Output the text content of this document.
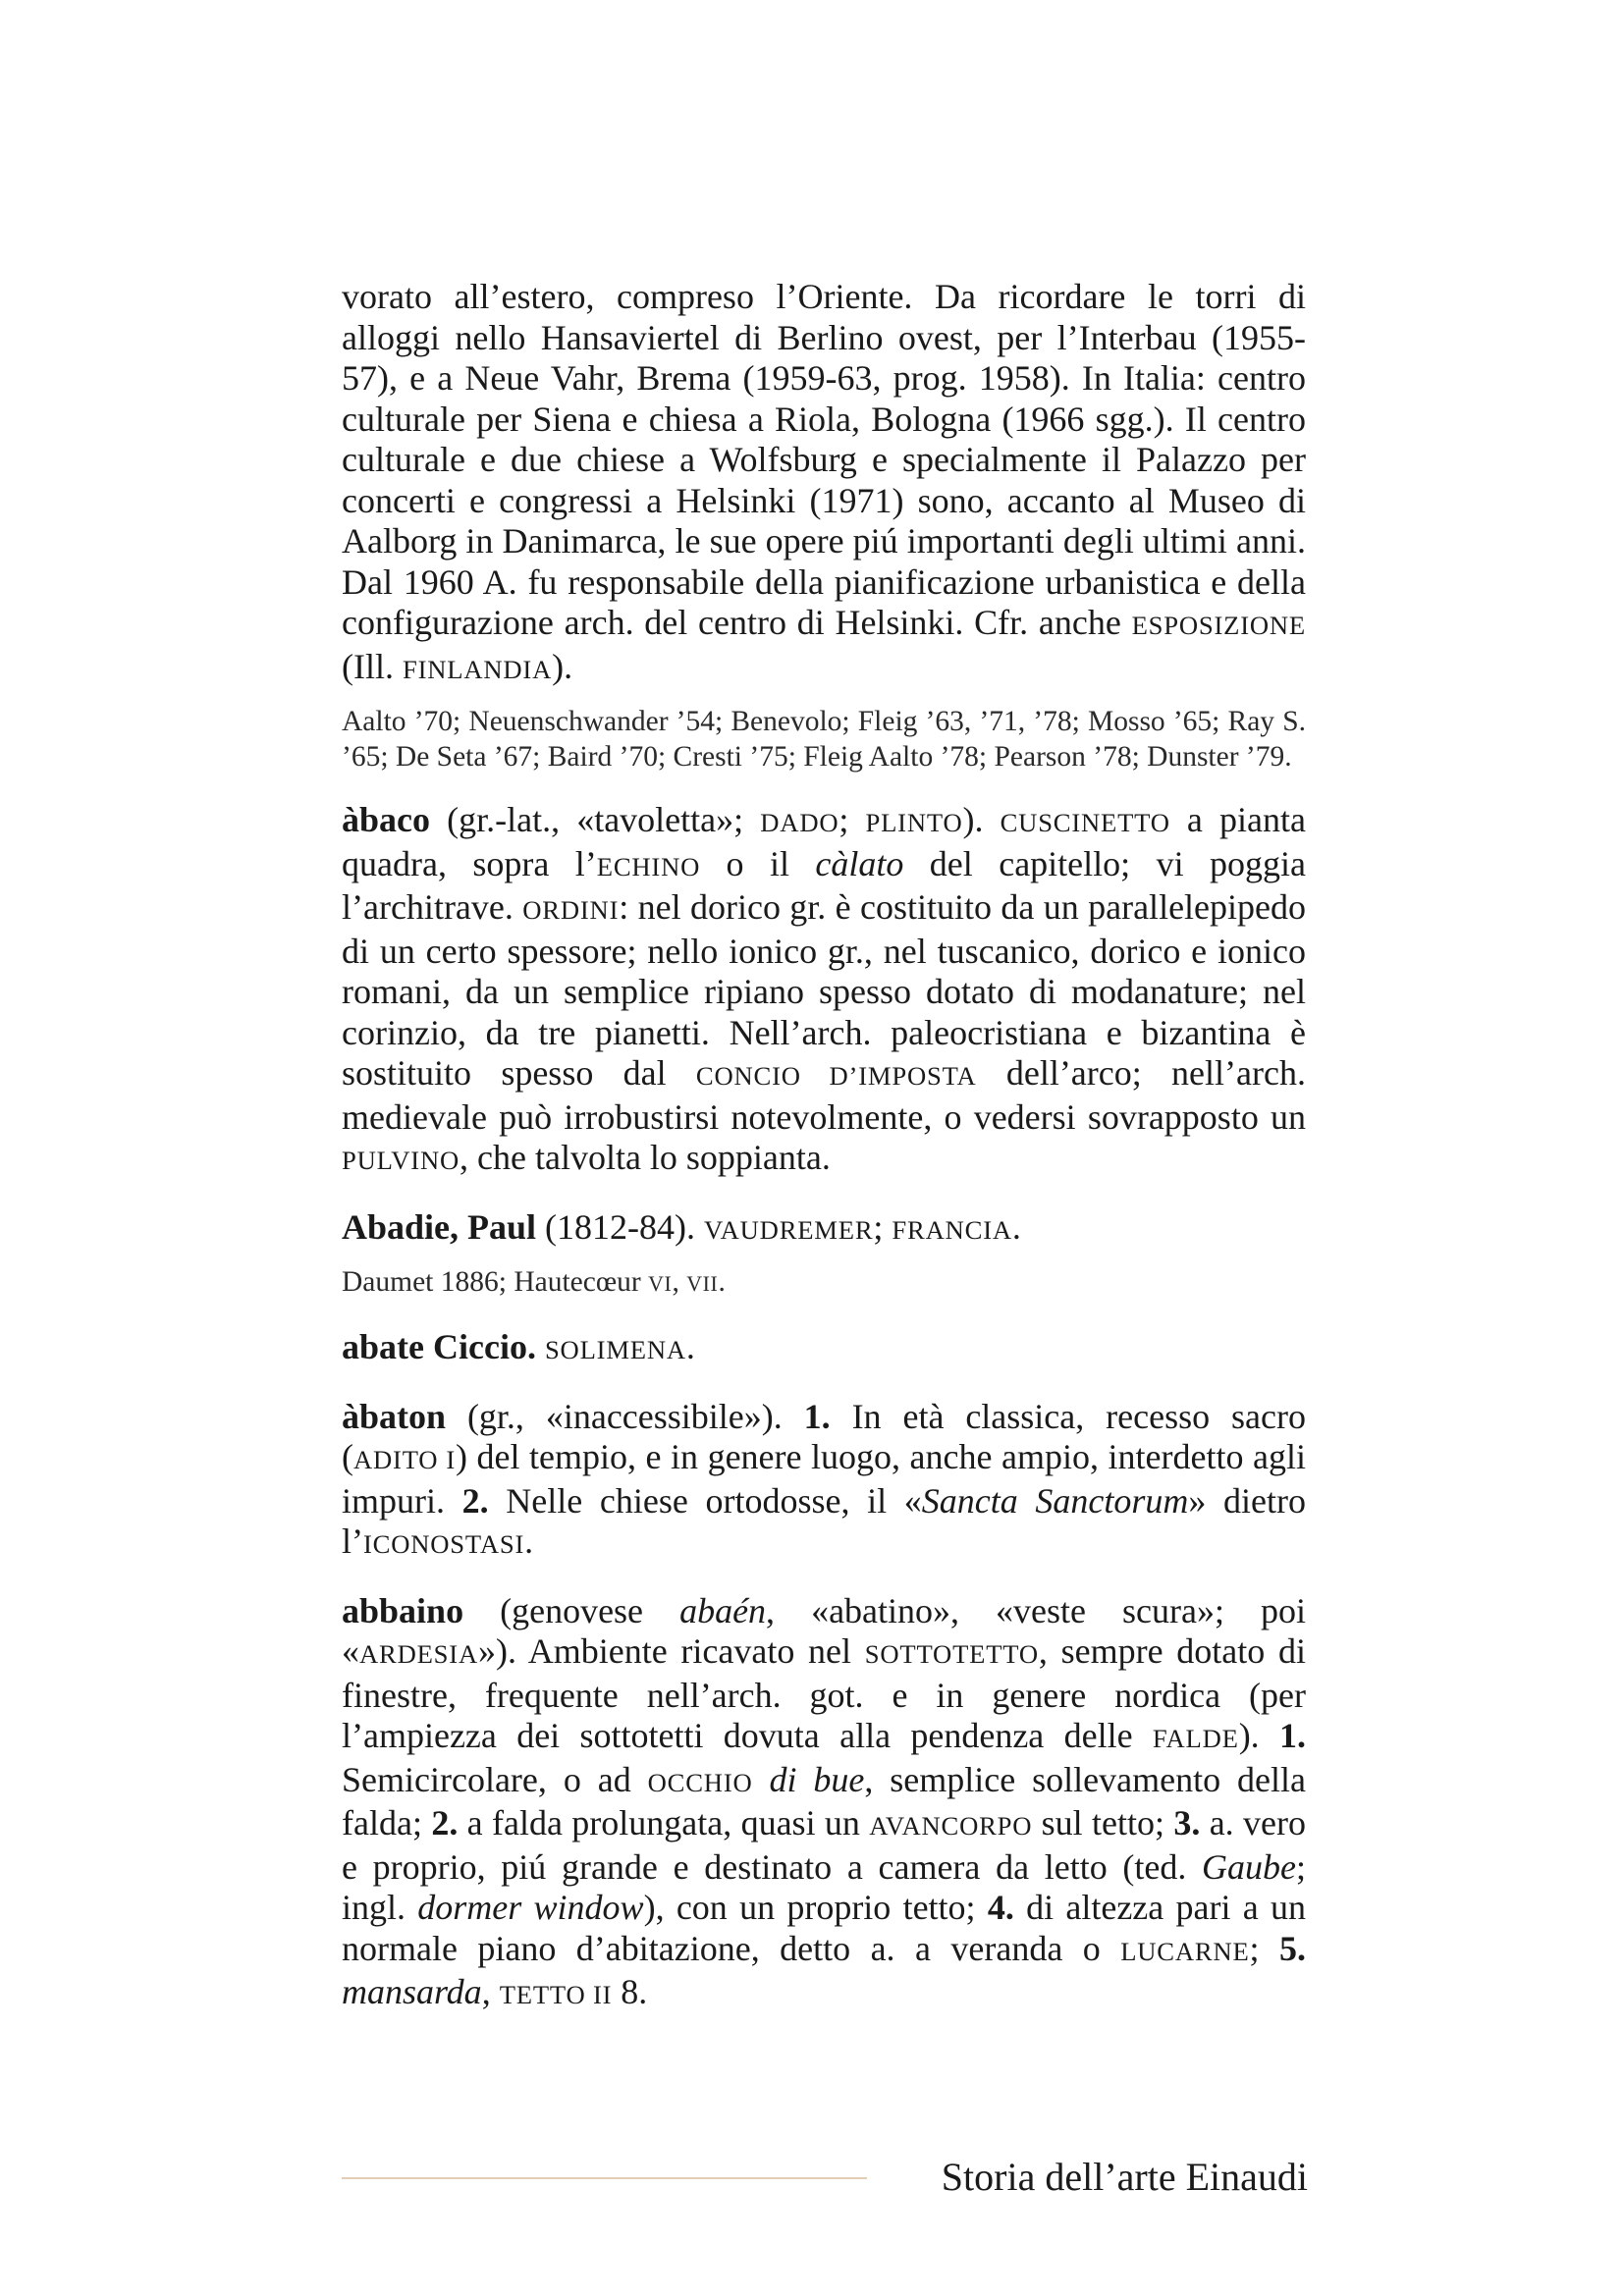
vorato all’estero, compreso l’Oriente. Da ricordare le torri di alloggi nello Hansaviertel di Berlino ovest, per l’Interbau (1955-57), e a Neue Vahr, Brema (1959-63, prog. 1958). In Italia: centro culturale per Siena e chiesa a Riola, Bologna (1966 sgg.). Il centro culturale e due chiese a Wolfsburg e specialmente il Palazzo per concerti e congressi a Helsinki (1971) sono, accanto al Museo di Aalborg in Danimarca, le sue opere piú importanti degli ultimi anni. Dal 1960 A. fu responsabile della pianificazione urbanistica e della configurazione arch. del centro di Helsinki. Cfr. anche ESPOSIZIONE (Ill. FINLANDIA).

Aalto ’70; Neuenschwander ’54; Benevolo; Fleig ’63, ’71, ’78; Mosso ’65; Ray S. ’65; De Seta ’67; Baird ’70; Cresti ’75; Fleig Aalto ’78; Pearson ’78; Dunster ’79.

àbaco (gr.-lat., «tavoletta»; DADO; PLINTO). CUSCINETTO a pianta quadra, sopra l’ECHINO o il càlato del capitello; vi poggia l’architrave. ORDINI: nel dorico gr. è costituito da un parallelepipedo di un certo spessore; nello ionico gr., nel tuscanico, dorico e ionico romani, da un semplice ripiano spesso dotato di modanature; nel corinzio, da tre pianetti. Nell’arch. paleocristiana e bizantina è sostituito spesso dal CONCIO D’IMPOSTA dell’arco; nell’arch. medievale può irrobustirsi notevolmente, o vedersi sovrapposto un PULVINO, che talvolta lo soppianta.

Abadie, Paul (1812-84). VAUDREMER; FRANCIA.

Daumet 1886; Hautecœur VI, VII.

abate Ciccio. SOLIMENA.

àbaton (gr., «inaccessibile»). 1. In età classica, recesso sacro (ADITO I) del tempio, e in genere luogo, anche ampio, interdetto agli impuri. 2. Nelle chiese ortodosse, il «Sancta Sanctorum» dietro l’ICONOSTASI.

abbaino (genovese abaén, «abatino», «veste scura»; poi «ARDESIA»). Ambiente ricavato nel SOTTOTETTO, sempre dotato di finestre, frequente nell’arch. got. e in genere nordica (per l’ampiezza dei sottotetti dovuta alla pendenza delle FALDE). 1. Semicircolare, o ad OCCHIO di bue, semplice sollevamento della falda; 2. a falda prolungata, quasi un AVANCORPO sul tetto; 3. a. vero e proprio, piú grande e destinato a camera da letto (ted. Gaube; ingl. dormer window), con un proprio tetto; 4. di altezza pari a un normale piano d’abitazione, detto a. a veranda o LUCARNE; 5. mansarda, TETTO II 8.

Storia dell’arte Einaudi
